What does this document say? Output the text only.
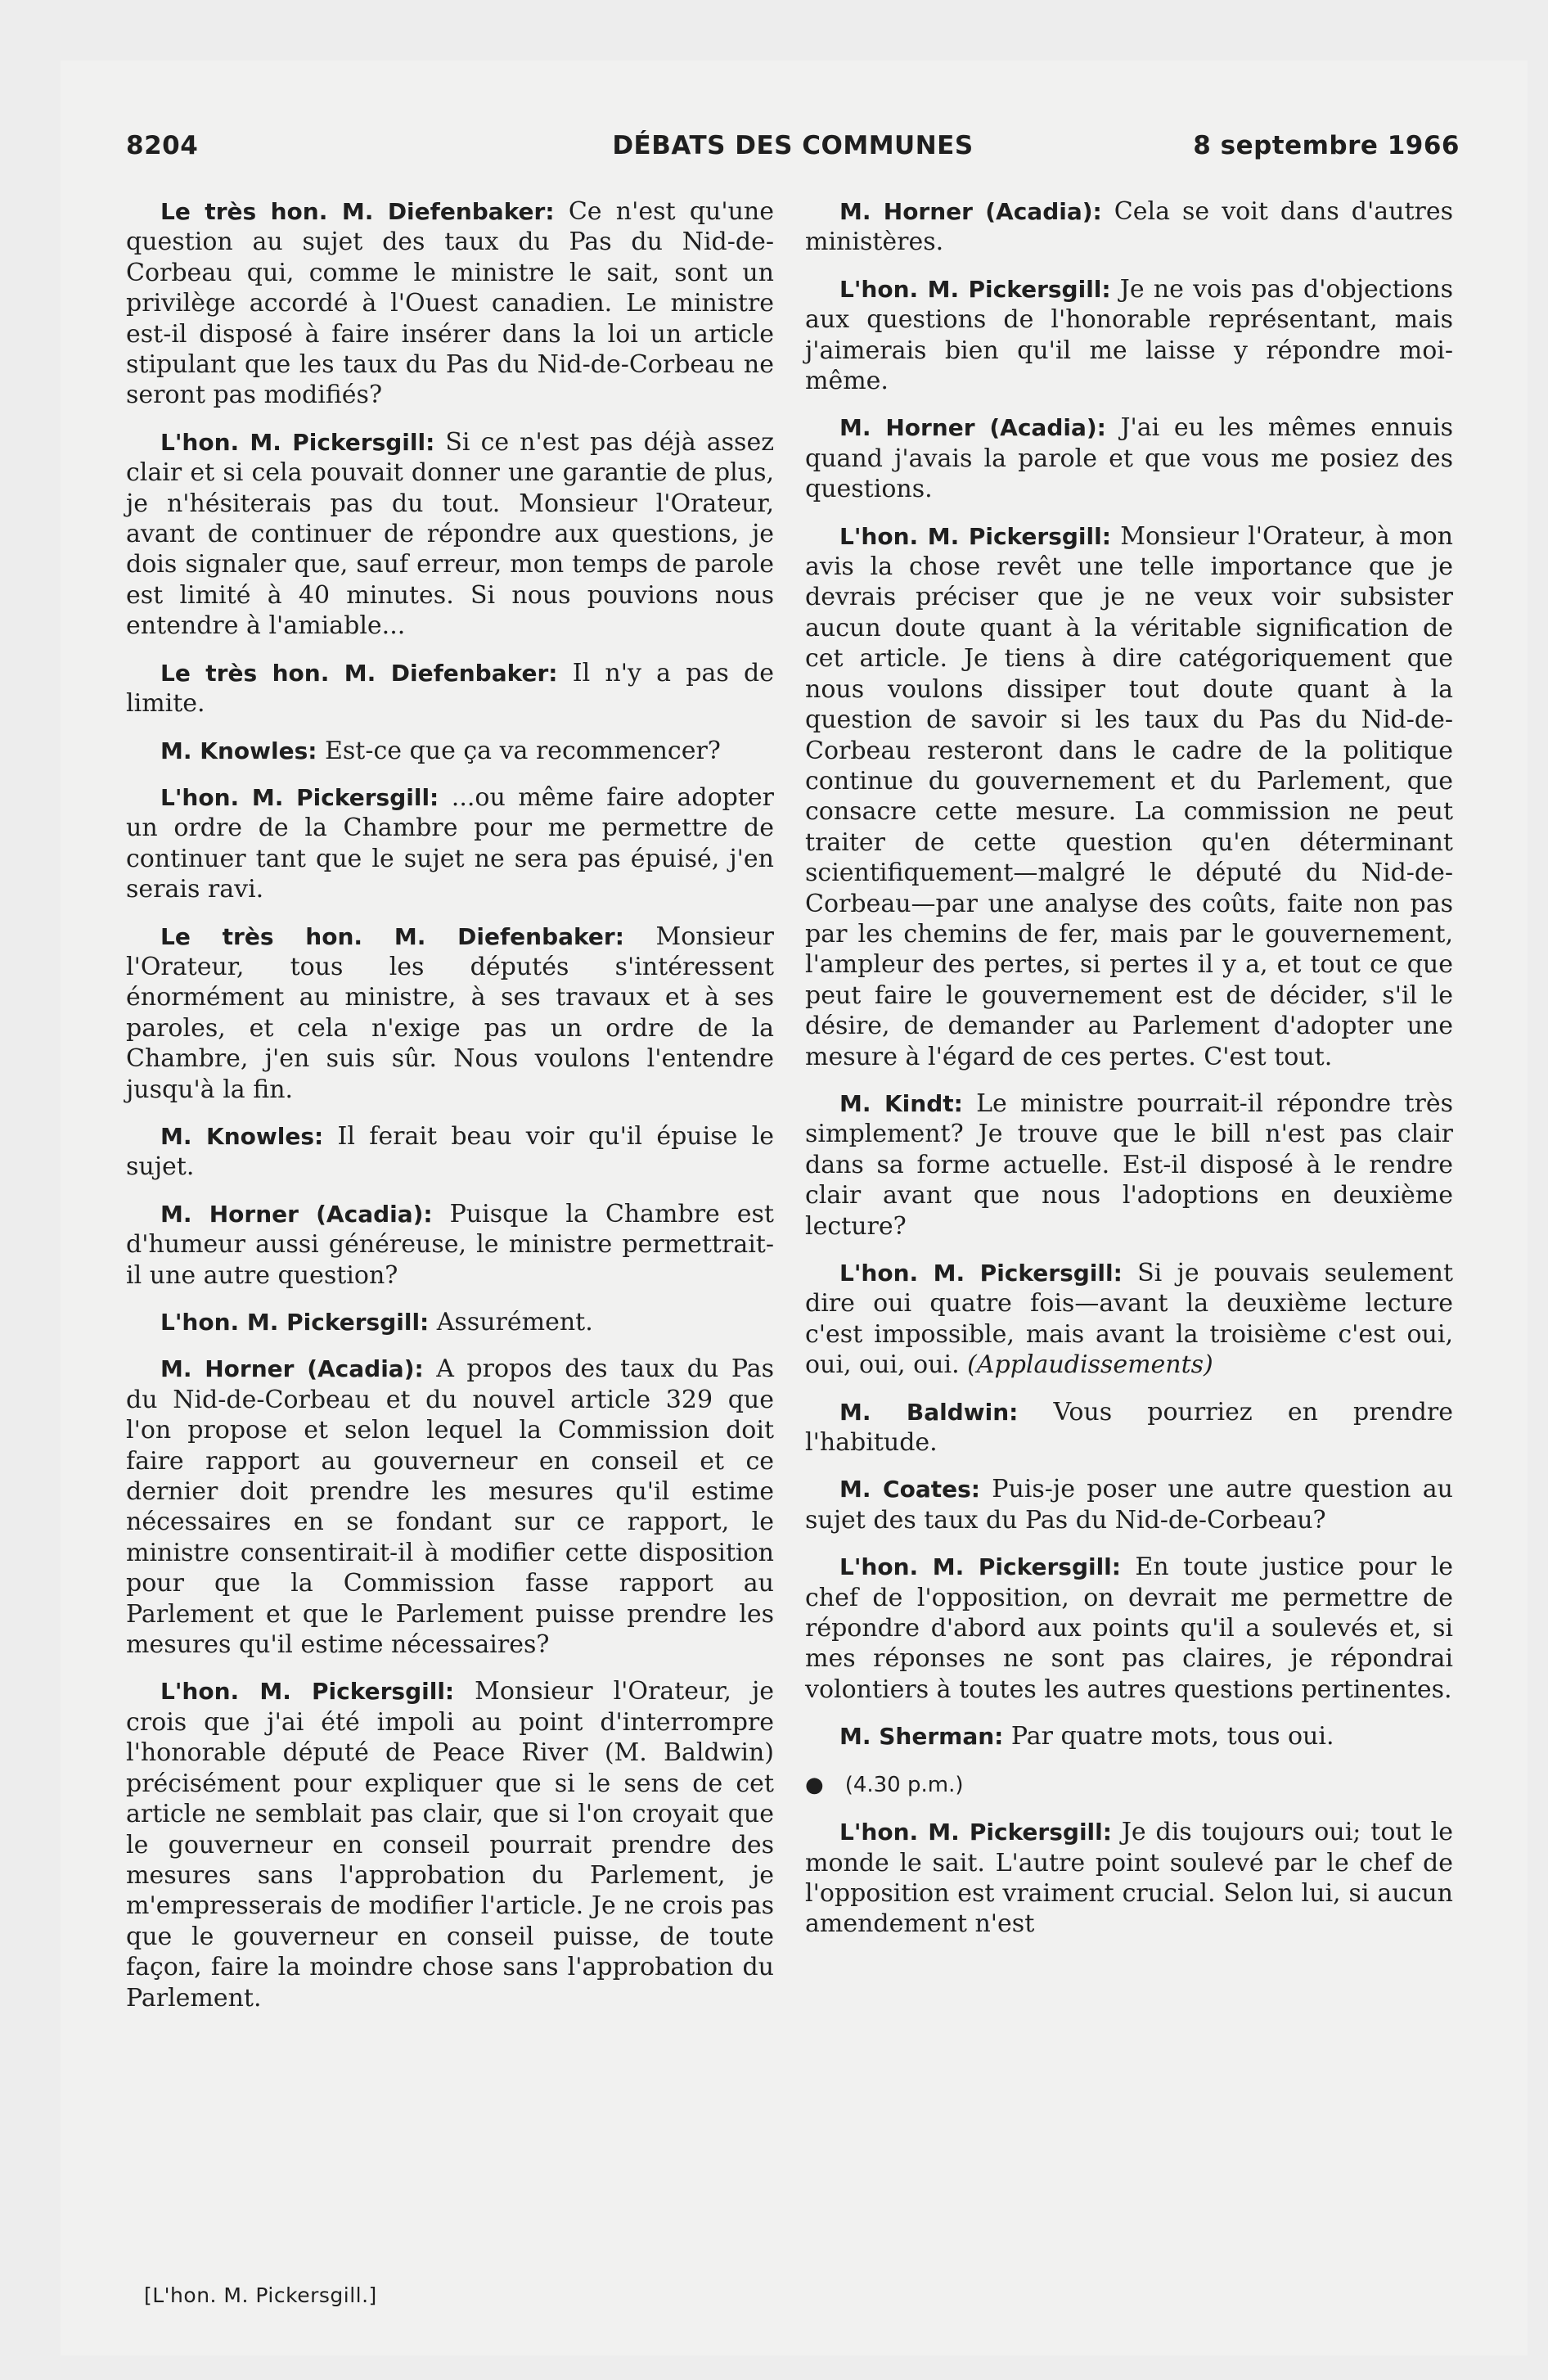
8204	DÉBATS DES COMMUNES	8 septembre 1966

Le très hon. M. Diefenbaker: Ce n'est qu'une question au sujet des taux du Pas du Nid-de-Corbeau qui, comme le ministre le sait, sont un privilège accordé à l'Ouest canadien. Le ministre est-il disposé à faire insérer dans la loi un article stipulant que les taux du Pas du Nid-de-Corbeau ne seront pas modifiés?

L'hon. M. Pickersgill: Si ce n'est pas déjà assez clair et si cela pouvait donner une garantie de plus, je n'hésiterais pas du tout. Monsieur l'Orateur, avant de continuer de répondre aux questions, je dois signaler que, sauf erreur, mon temps de parole est limité à 40 minutes. Si nous pouvions nous entendre à l'amiable...

Le très hon. M. Diefenbaker: Il n'y a pas de limite.

M. Knowles: Est-ce que ça va recommencer?

L'hon. M. Pickersgill: ...ou même faire adopter un ordre de la Chambre pour me permettre de continuer tant que le sujet ne sera pas épuisé, j'en serais ravi.

Le très hon. M. Diefenbaker: Monsieur l'Orateur, tous les députés s'intéressent énormément au ministre, à ses travaux et à ses paroles, et cela n'exige pas un ordre de la Chambre, j'en suis sûr. Nous voulons l'entendre jusqu'à la fin.

M. Knowles: Il ferait beau voir qu'il épuise le sujet.

M. Horner (Acadia): Puisque la Chambre est d'humeur aussi généreuse, le ministre permettrait-il une autre question?

L'hon. M. Pickersgill: Assurément.

M. Horner (Acadia): A propos des taux du Pas du Nid-de-Corbeau et du nouvel article 329 que l'on propose et selon lequel la Commission doit faire rapport au gouverneur en conseil et ce dernier doit prendre les mesures qu'il estime nécessaires en se fondant sur ce rapport, le ministre consentirait-il à modifier cette disposition pour que la Commission fasse rapport au Parlement et que le Parlement puisse prendre les mesures qu'il estime nécessaires?

L'hon. M. Pickersgill: Monsieur l'Orateur, je crois que j'ai été impoli au point d'interrompre l'honorable député de Peace River (M. Baldwin) précisément pour expliquer que si le sens de cet article ne semblait pas clair, que si l'on croyait que le gouverneur en conseil pourrait prendre des mesures sans l'approbation du Parlement, je m'empresserais de modifier l'article. Je ne crois pas que le gouverneur en conseil puisse, de toute façon, faire la moindre chose sans l'approbation du Parlement.

M. Horner (Acadia): Cela se voit dans d'autres ministères.

L'hon. M. Pickersgill: Je ne vois pas d'objections aux questions de l'honorable représentant, mais j'aimerais bien qu'il me laisse y répondre moi-même.

M. Horner (Acadia): J'ai eu les mêmes ennuis quand j'avais la parole et que vous me posiez des questions.

L'hon. M. Pickersgill: Monsieur l'Orateur, à mon avis la chose revêt une telle importance que je devrais préciser que je ne veux voir subsister aucun doute quant à la véritable signification de cet article. Je tiens à dire catégoriquement que nous voulons dissiper tout doute quant à la question de savoir si les taux du Pas du Nid-de-Corbeau resteront dans le cadre de la politique continue du gouvernement et du Parlement, que consacre cette mesure. La commission ne peut traiter de cette question qu'en déterminant scientifiquement—malgré le député du Nid-de-Corbeau—par une analyse des coûts, faite non pas par les chemins de fer, mais par le gouvernement, l'ampleur des pertes, si pertes il y a, et tout ce que peut faire le gouvernement est de décider, s'il le désire, de demander au Parlement d'adopter une mesure à l'égard de ces pertes. C'est tout.

M. Kindt: Le ministre pourrait-il répondre très simplement? Je trouve que le bill n'est pas clair dans sa forme actuelle. Est-il disposé à le rendre clair avant que nous l'adoptions en deuxième lecture?

L'hon. M. Pickersgill: Si je pouvais seulement dire oui quatre fois—avant la deuxième lecture c'est impossible, mais avant la troisième c'est oui, oui, oui, oui. (Applaudissements)

M. Baldwin: Vous pourriez en prendre l'habitude.

M. Coates: Puis-je poser une autre question au sujet des taux du Pas du Nid-de-Corbeau?

L'hon. M. Pickersgill: En toute justice pour le chef de l'opposition, on devrait me permettre de répondre d'abord aux points qu'il a soulevés et, si mes réponses ne sont pas claires, je répondrai volontiers à toutes les autres questions pertinentes.

M. Sherman: Par quatre mots, tous oui.

● (4.30 p.m.)

L'hon. M. Pickersgill: Je dis toujours oui; tout le monde le sait. L'autre point soulevé par le chef de l'opposition est vraiment crucial. Selon lui, si aucun amendement n'est

[L'hon. M. Pickersgill.]
